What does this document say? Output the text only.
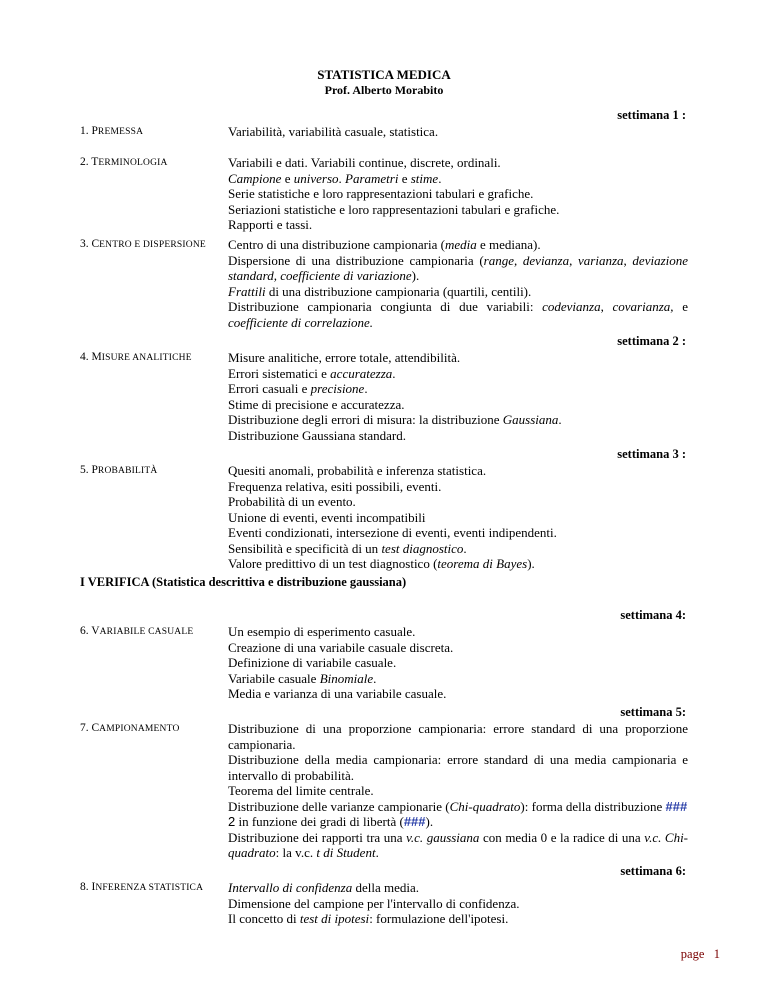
STATISTICA MEDICA
Prof. Alberto Morabito
settimana 1 :
1. PREMESSA	Variabilità, variabilità casuale, statistica.
2. TERMINOLOGIA	Variabili e dati. Variabili continue, discrete, ordinali.
Campione e universo. Parametri e stime.
Serie statistiche e loro rappresentazioni tabulari e grafiche.
Seriazioni statistiche e loro rappresentazioni tabulari e grafiche.
Rapporti e tassi.
3. CENTRO E DISPERSIONE	Centro di una distribuzione campionaria (media e mediana).
Dispersione di una distribuzione campionaria (range, devianza, varianza, deviazione standard, coefficiente di variazione).
Frattili di una distribuzione campionaria (quartili, centili).
Distribuzione campionaria congiunta di due variabili: codevianza, covarianza, e coefficiente di correlazione.
settimana 2 :
4. MISURE ANALITICHE	Misure analitiche, errore totale, attendibilità.
Errori sistematici e accuratezza.
Errori casuali e precisione.
Stime di precisione e accuratezza.
Distribuzione degli errori di misura: la distribuzione Gaussiana.
Distribuzione Gaussiana standard.
settimana 3 :
5. PROBABILITÀ	Quesiti anomali, probabilità e inferenza statistica.
Frequenza relativa, esiti possibili, eventi.
Probabilità di un evento.
Unione di eventi, eventi incompatibili
Eventi condizionati, intersezione di eventi, eventi indipendenti.
Sensibilità e specificità di un test diagnostico.
Valore predittivo di un test diagnostico (teorema di Bayes).
I VERIFICA (Statistica descrittiva e distribuzione gaussiana)
settimana 4:
6. VARIABILE CASUALE	Un esempio di esperimento casuale.
Creazione di una variabile casuale discreta.
Definizione di variabile casuale.
Variabile casuale Binomiale.
Media e varianza di una variabile casuale.
settimana 5:
7. CAMPIONAMENTO	Distribuzione di una proporzione campionaria: errore standard di una proporzione campionaria.
Distribuzione della media campionaria: errore standard di una media campionaria e intervallo di probabilità.
Teorema del limite centrale.
Distribuzione delle varianze campionarie (Chi-quadrato): forma della distribuzione ###
2 in funzione dei gradi di libertà (###).
Distribuzione dei rapporti tra una v.c. gaussiana con media 0 e la radice di una v.c. Chi-quadrato: la v.c. t di Student.
settimana 6:
8. INFERENZA STATISTICA	Intervallo di confidenza della media.
Dimensione del campione per l'intervallo di confidenza.
Il concetto di test di ipotesi: formulazione dell'ipotesi.
page 1
